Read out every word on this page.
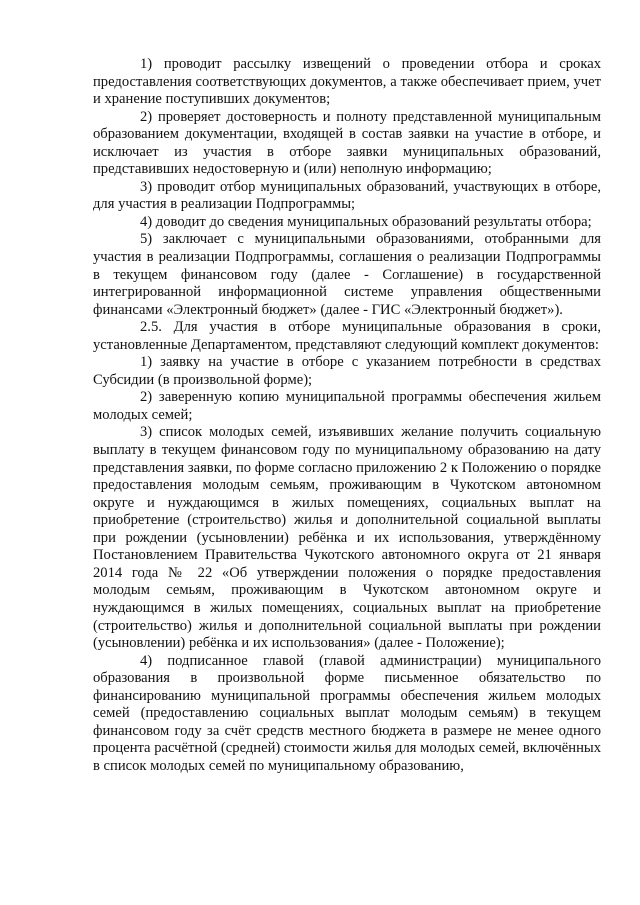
1) проводит рассылку извещений о проведении отбора и сроках предоставления соответствующих документов, а также обеспечивает прием, учет и хранение поступивших документов;

2) проверяет достоверность и полноту представленной муниципальным образованием документации, входящей в состав заявки на участие в отборе, и исключает из участия в отборе заявки муниципальных образований, представивших недостоверную и (или) неполную информацию;

3) проводит отбор муниципальных образований, участвующих в отборе, для участия в реализации Подпрограммы;

4) доводит до сведения муниципальных образований результаты отбора;

5) заключает с муниципальными образованиями, отобранными для участия в реализации Подпрограммы, соглашения о реализации Подпрограммы в текущем финансовом году (далее - Соглашение) в государственной интегрированной информационной системе управления общественными финансами «Электронный бюджет» (далее - ГИС «Электронный бюджет»).

2.5. Для участия в отборе муниципальные образования в сроки, установленные Департаментом, представляют следующий комплект документов:

1) заявку на участие в отборе с указанием потребности в средствах Субсидии (в произвольной форме);

2) заверенную копию муниципальной программы обеспечения жильем молодых семей;

3) список молодых семей, изъявивших желание получить социальную выплату в текущем финансовом году по муниципальному образованию на дату представления заявки, по форме согласно приложению 2 к Положению о порядке предоставления молодым семьям, проживающим в Чукотском автономном округе и нуждающимся в жилых помещениях, социальных выплат на приобретение (строительство) жилья и дополнительной социальной выплаты при рождении (усыновлении) ребёнка и их использования, утверждённому Постановлением Правительства Чукотского автономного округа от 21 января 2014 года № 22 «Об утверждении положения о порядке предоставления молодым семьям, проживающим в Чукотском автономном округе и нуждающимся в жилых помещениях, социальных выплат на приобретение (строительство) жилья и дополнительной социальной выплаты при рождении (усыновлении) ребёнка и их использования» (далее - Положение);

4) подписанное главой (главой администрации) муниципального образования в произвольной форме письменное обязательство по финансированию муниципальной программы обеспечения жильем молодых семей (предоставлению социальных выплат молодым семьям) в текущем финансовом году за счёт средств местного бюджета в размере не менее одного процента расчётной (средней) стоимости жилья для молодых семей, включённых в список молодых семей по муниципальному образованию,
